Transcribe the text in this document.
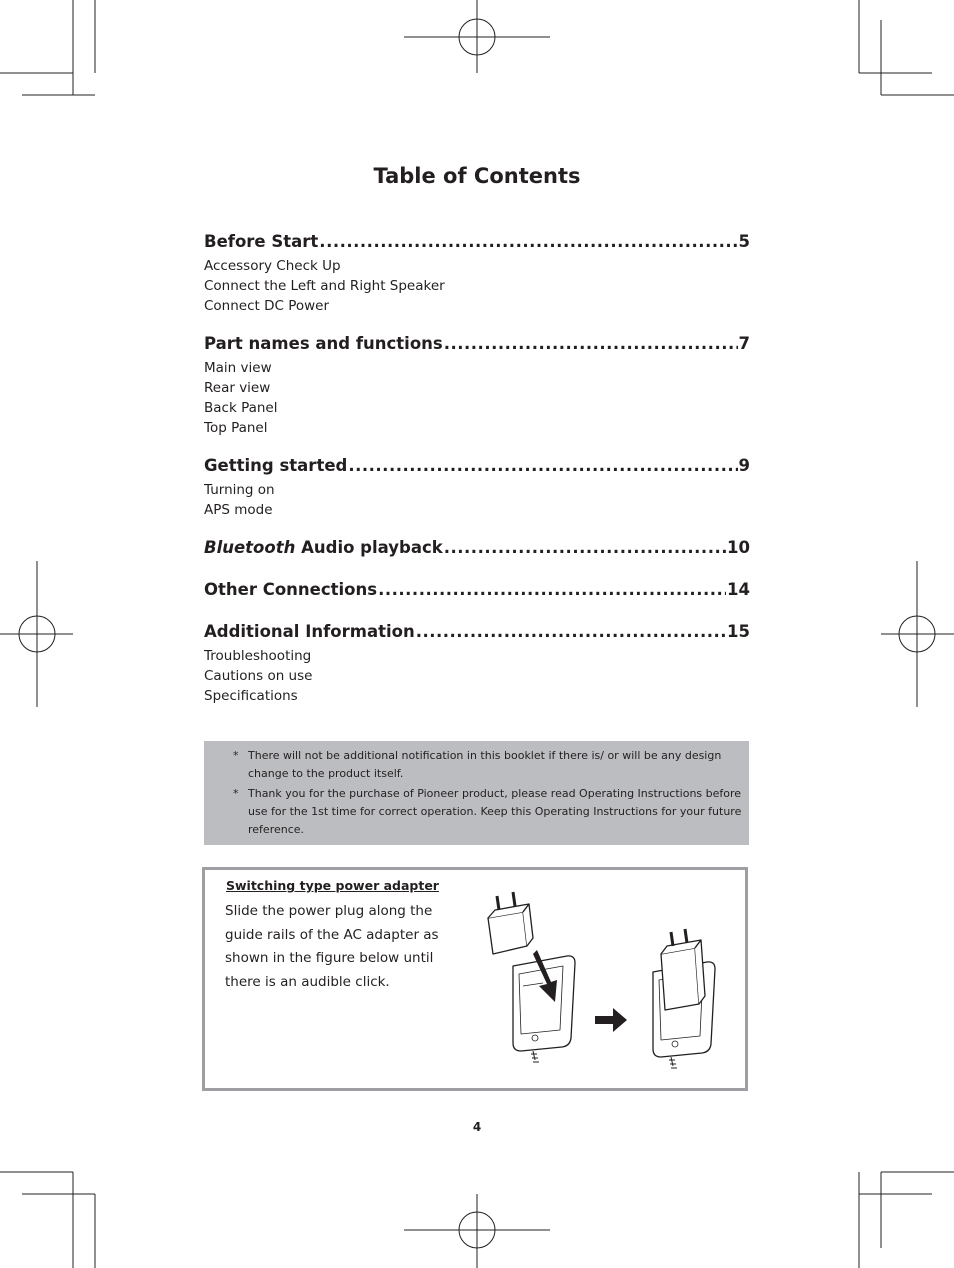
Table of Contents
Before Start .....	5
Accessory Check Up
Connect the Left and Right Speaker
Connect DC Power
Part names and functions .....	7
Main view
Rear view
Back Panel
Top Panel
Getting started .....	9
Turning on
APS mode
Bluetooth Audio playback .....	10
Other Connections .....	14
Additional Information .....	15
Troubleshooting
Cautions on use
Specifications

* There will not be additional notification in this booklet if there is/ or will be any design change to the product itself.

* Thank you for the purchase of Pioneer product, please read Operating Instructions before use for the 1st time for correct operation. Keep this Operating Instructions for your future reference.

Switching type power adapter
Slide the power plug along the guide rails of the AC adapter as shown in the figure below until there is an audible click.
4
